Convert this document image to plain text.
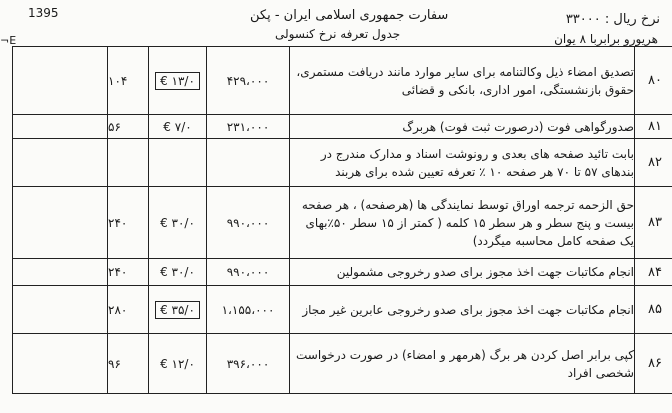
1395
¬E
سفارت جمهوری اسلامی ایران - پکن
جدول تعرفه نرخ کنسولی
نرخ ریال : ۳۳۰۰۰
هریورو برابربا ۸ یوان
۸۰	تصدیق امضاء ذیل وکالتنامه برای سایر موارد مانند دریافت مستمری، حقوق بازنشستگی، امور اداری، بانکی و قضائی	۴۲۹،۰۰۰	۱۳/۰ €	۱۰۴	
۸۱	صدورگواهی فوت (درصورت ثبت فوت) هربرگ	۲۳۱،۰۰۰	۷/۰ €	۵۶	
۸۲	بابت تائید صفحه های بعدی و رونوشت اسناد و مدارک مندرج در بندهای ۵۷ تا ۷۰ هر صفحه ۱۰ ٪ تعرفه تعیین شده برای هربند				
۸۳	حق الزحمه ترجمه اوراق توسط نمایندگی ها (هرصفحه) ، هر صفحه بیست و پنج سطر و هر سطر ۱۵ کلمه ( کمتر از ۱۵ سطر ۵۰٪بهای یک صفحه کامل محاسبه میگردد)	۹۹۰،۰۰۰	۳۰/۰ €	۲۴۰	
۸۴	انجام مکاتبات جهت اخذ مجوز برای صدو رخروجی مشمولین	۹۹۰،۰۰۰	۳۰/۰ €	۲۴۰	
۸۵	انجام مکاتبات جهت اخذ مجوز برای صدو رخروجی عابرین غیر مجاز	۱،۱۵۵،۰۰۰	۳۵/۰ €	۲۸۰	
۸۶	کپی برابر اصل کردن هر برگ (هرمهر و امضاء) در صورت درخواست شخصی افراد	۳۹۶،۰۰۰	۱۲/۰ €	۹۶	
